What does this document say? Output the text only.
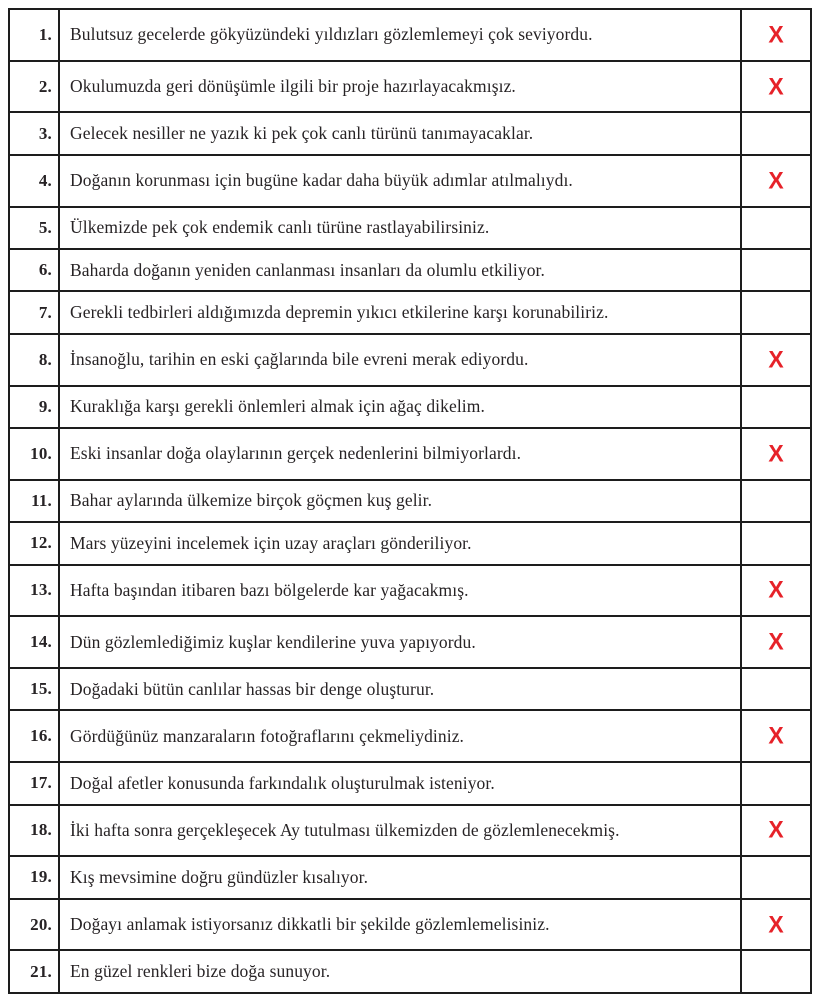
1.	Bulutsuz gecelerde gökyüzündeki yıldızları gözlemlemeyi çok seviyordu.	X
2.	Okulumuzda geri dönüşümle ilgili bir proje hazırlayacakmışız.	X
3.	Gelecek nesiller ne yazık ki pek çok canlı türünü tanımayacaklar.	
4.	Doğanın korunması için bugüne kadar daha büyük adımlar atılmalıydı.	X
5.	Ülkemizde pek çok endemik canlı türüne rastlayabilirsiniz.	
6.	Baharda doğanın yeniden canlanması insanları da olumlu etkiliyor.	
7.	Gerekli tedbirleri aldığımızda depremin yıkıcı etkilerine karşı korunabiliriz.	
8.	İnsanoğlu, tarihin en eski çağlarında bile evreni merak ediyordu.	X
9.	Kuraklığa karşı gerekli önlemleri almak için ağaç dikelim.	
10.	Eski insanlar doğa olaylarının gerçek nedenlerini bilmiyorlardı.	X
11.	Bahar aylarında ülkemize birçok göçmen kuş gelir.	
12.	Mars yüzeyini incelemek için uzay araçları gönderiliyor.	
13.	Hafta başından itibaren bazı bölgelerde kar yağacakmış.	X
14.	Dün gözlemlediğimiz kuşlar kendilerine yuva yapıyordu.	X
15.	Doğadaki bütün canlılar hassas bir denge oluşturur.	
16.	Gördüğünüz manzaraların fotoğraflarını çekmeliydiniz.	X
17.	Doğal afetler konusunda farkındalık oluşturulmak isteniyor.	
18.	İki hafta sonra gerçekleşecek Ay tutulması ülkemizden de gözlemlenecekmiş.	X
19.	Kış mevsimine doğru gündüzler kısalıyor.	
20.	Doğayı anlamak istiyorsanız dikkatli bir şekilde gözlemlemelisiniz.	X
21.	En güzel renkleri bize doğa sunuyor.	
